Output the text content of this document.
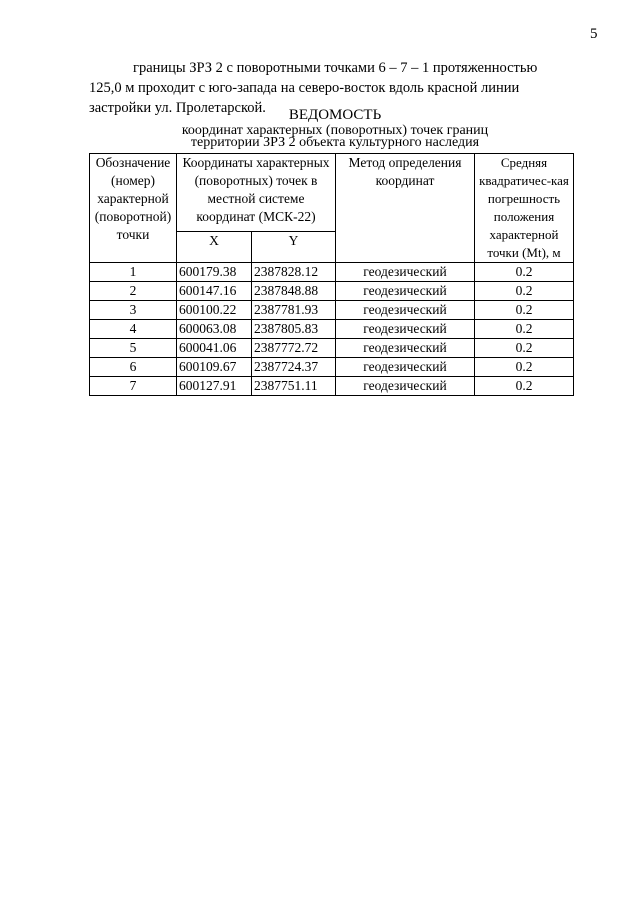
5
границы ЗРЗ 2 с поворотными точками 6 – 7 – 1 протяженностью
125,0 м проходит с юго-запада на северо-восток вдоль красной линии
застройки ул. Пролетарской.	ВЕДОМОСТЬ
координат характерных (поворотных) точек границ
территории ЗРЗ 2 объекта культурного наследия
Обозначение (номер) характерной (поворотной) точки	Координаты характерных (поворотных) точек в местной системе координат (МСК-22)		Метод определения координат	Средняя квадратичес-кая погрешность положения характерной точки (Mt), м
	X	Y		
1	600179.38	2387828.12	геодезический	0.2
2	600147.16	2387848.88	геодезический	0.2
3	600100.22	2387781.93	геодезический	0.2
4	600063.08	2387805.83	геодезический	0.2
5	600041.06	2387772.72	геодезический	0.2
6	600109.67	2387724.37	геодезический	0.2
7	600127.91	2387751.11	геодезический	0.2
